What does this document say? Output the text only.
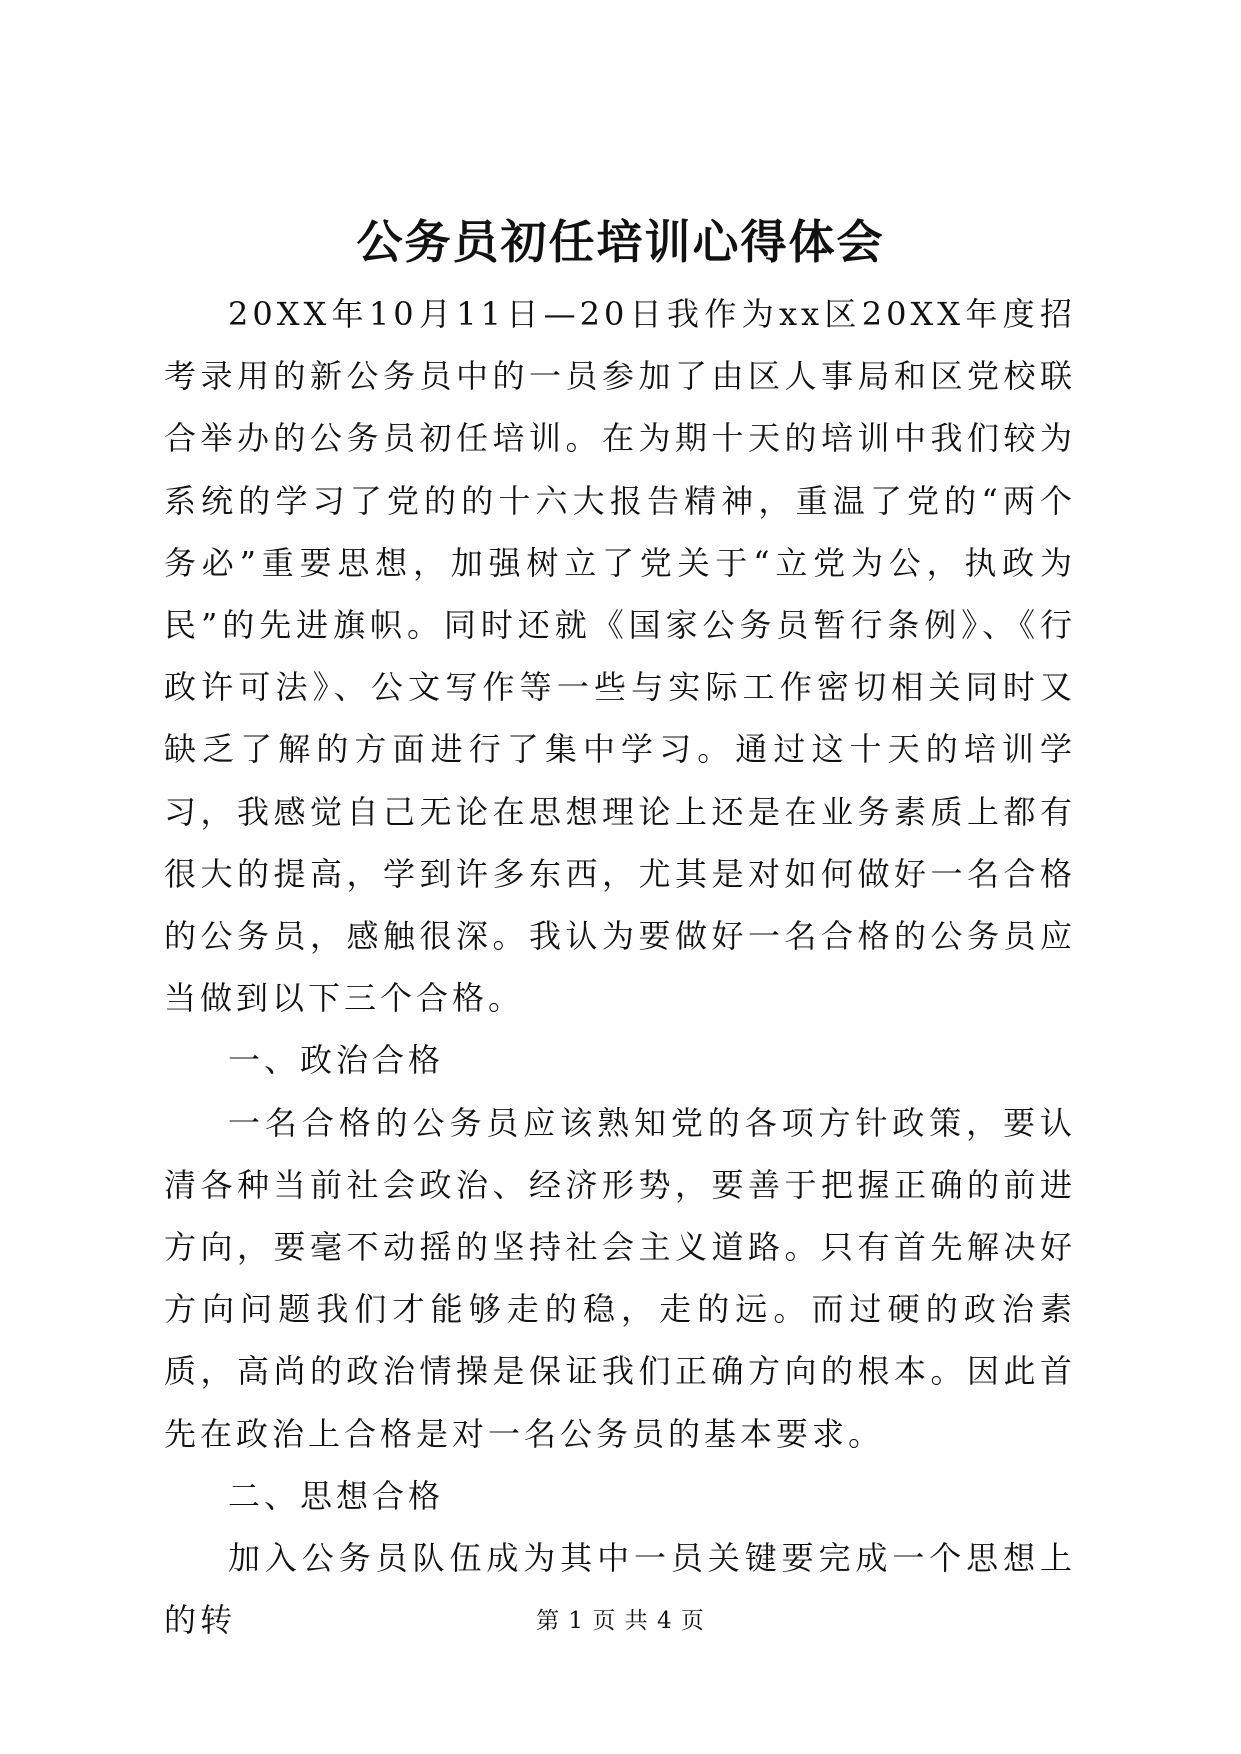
公务员初任培训心得体会

20XX年10月11日—20日我作为xx区20XX年度招考录用的新公务员中的一员参加了由区人事局和区党校联合举办的公务员初任培训。在为期十天的培训中我们较为系统的学习了党的的十六大报告精神，重温了党的“两个务必”重要思想，加强树立了党关于“立党为公，执政为民”的先进旗帜。同时还就《国家公务员暂行条例》、《行政许可法》、公文写作等一些与实际工作密切相关同时又缺乏了解的方面进行了集中学习。通过这十天的培训学习，我感觉自己无论在思想理论上还是在业务素质上都有很大的提高，学到许多东西，尤其是对如何做好一名合格的公务员，感触很深。我认为要做好一名合格的公务员应当做到以下三个合格。

一、政治合格

一名合格的公务员应该熟知党的各项方针政策，要认清各种当前社会政治、经济形势，要善于把握正确的前进方向，要毫不动摇的坚持社会主义道路。只有首先解决好方向问题我们才能够走的稳，走的远。而过硬的政治素质，高尚的政治情操是保证我们正确方向的根本。因此首先在政治上合格是对一名公务员的基本要求。

二、思想合格

加入公务员队伍成为其中一员关键要完成一个思想上的转	第 1 页 共 4 页
